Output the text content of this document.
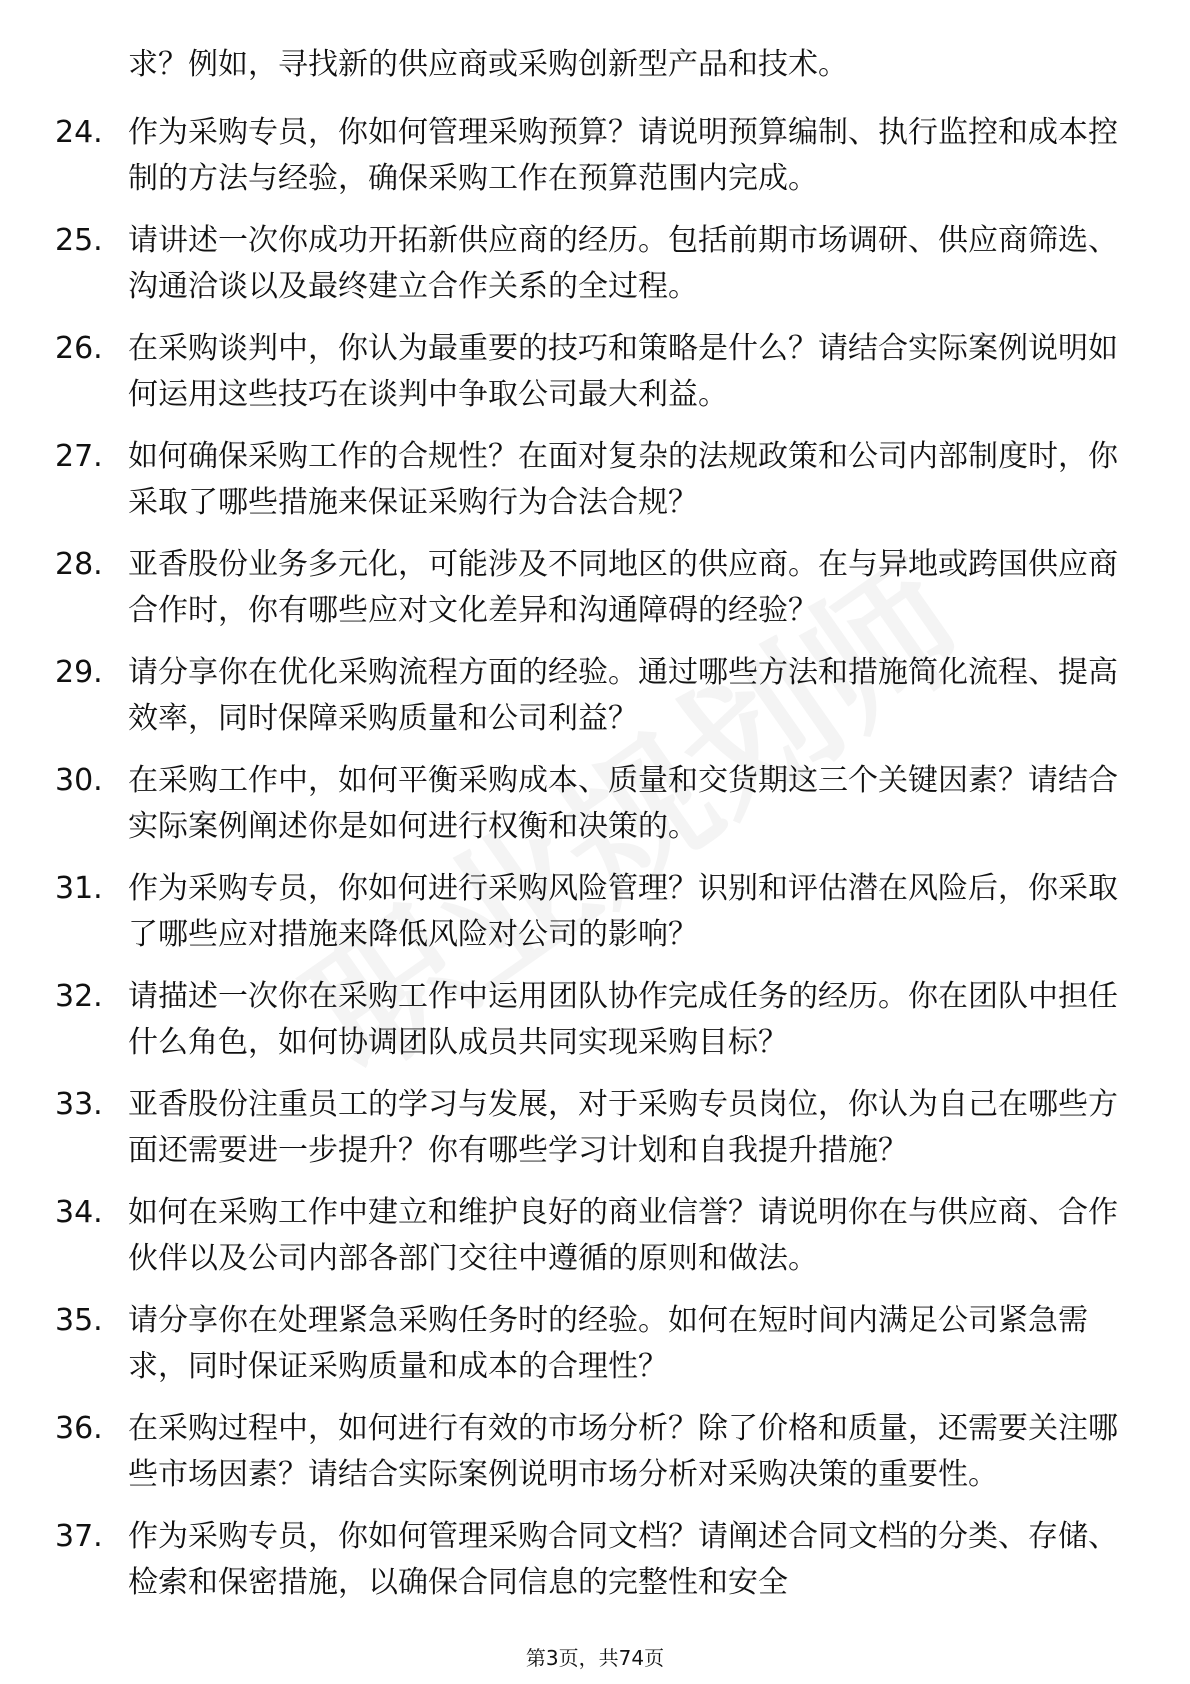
求？例如，寻找新的供应商或采购创新型产品和技术。
24. 作为采购专员，你如何管理采购预算？请说明预算编制、执行监控和成本控制的方法与经验，确保采购工作在预算范围内完成。
25. 请讲述一次你成功开拓新供应商的经历。包括前期市场调研、供应商筛选、沟通洽谈以及最终建立合作关系的全过程。
26. 在采购谈判中，你认为最重要的技巧和策略是什么？请结合实际案例说明如何运用这些技巧在谈判中争取公司最大利益。
27. 如何确保采购工作的合规性？在面对复杂的法规政策和公司内部制度时，你采取了哪些措施来保证采购行为合法合规？
28. 亚香股份业务多元化，可能涉及不同地区的供应商。在与异地或跨国供应商合作时，你有哪些应对文化差异和沟通障碍的经验？
29. 请分享你在优化采购流程方面的经验。通过哪些方法和措施简化流程、提高效率，同时保障采购质量和公司利益？
30. 在采购工作中，如何平衡采购成本、质量和交货期这三个关键因素？请结合实际案例阐述你是如何进行权衡和决策的。
31. 作为采购专员，你如何进行采购风险管理？识别和评估潜在风险后，你采取了哪些应对措施来降低风险对公司的影响？
32. 请描述一次你在采购工作中运用团队协作完成任务的经历。你在团队中担任什么角色，如何协调团队成员共同实现采购目标？
33. 亚香股份注重员工的学习与发展，对于采购专员岗位，你认为自己在哪些方面还需要进一步提升？你有哪些学习计划和自我提升措施？
34. 如何在采购工作中建立和维护良好的商业信誉？请说明你在与供应商、合作伙伴以及公司内部各部门交往中遵循的原则和做法。
35. 请分享你在处理紧急采购任务时的经验。如何在短时间内满足公司紧急需求，同时保证采购质量和成本的合理性？
36. 在采购过程中，如何进行有效的市场分析？除了价格和质量，还需要关注哪些市场因素？请结合实际案例说明市场分析对采购决策的重要性。
37. 作为采购专员，你如何管理采购合同文档？请阐述合同文档的分类、存储、检索和保密措施，以确保合同信息的完整性和安全
第3页，共74页
